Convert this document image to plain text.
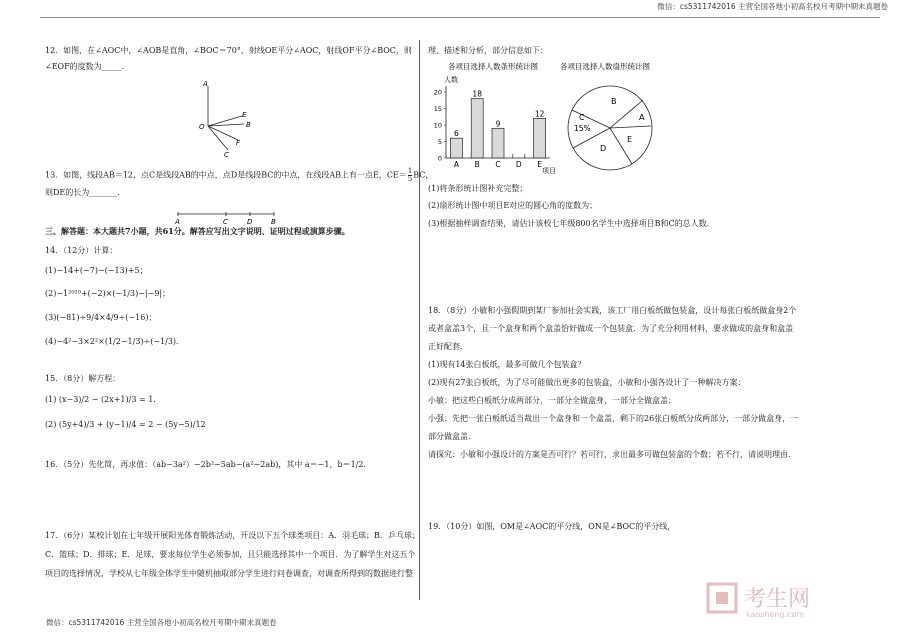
微信：cs5311742016 主营全国各地小初高名校月考期中期末真题卷
12．如图，在∠AOC中，∠AOB是直角，∠BOC＝70°，射线OE平分∠AOC，射线OF平分∠BOC，则
∠EOF的度数为_____．
A
O
E
B
F
C
13．如图，线段AB＝12，点C是线段AB的中点，点D是线段BC的中点，在线段AB上有一点E，$CE= \frac{1}{5}$ BC，
则DE的长为_______．
A	C	D	B
三、解答题：本大题共7小题，共61分。解答应写出文字说明、证明过程或演算步骤。
14．（12分）计算：
(1)−14+(−7)−(−13)+5；
(2)−1²⁰²⁰+(−2)×(−1/3)−|−9|；
(3)(−81)÷9/4×4/9÷(−16)；
(4)−4²−3×2²×(1/2−1/3)÷(−1/3)．
15．（8分）解方程：
(1) (x−3)/2 − (2x+1)/3 = 1．
(2) (5y+4)/3 + (y−1)/4 = 2 − (5y−5)/12
16．（5分）先化简，再求值：（ab−3a²）−2b²−5ab−(a²−2ab)，其中 a＝−1，b＝1/2．
17．（6分）某校计划在七年级开展阳光体育锻炼活动，开设以下五个球类项目：A．羽毛球；B．乒乓球；
C．篮球；D．排球；E．足球，要求每位学生必须参加，且只能选择其中一个项目．为了解学生对这五个
项目的选择情况，学校从七年级全体学生中随机抽取部分学生进行问卷调查，对调查所得到的数据进行整
微信：cs5311742016 主营全国各地小初高名校月考期中期末真题卷
理、描述和分析，部分信息如下：
各项目选择人数条形统计图
人数
0
5
10
15
20
6
18
9
12
A B C D E
项目
各项目选择人数扇形统计图
B
A
E
D
C
15%
(1)将条形统计图补充完整；
(2)扇形统计图中项目E对应的圆心角的度数为；
(3)根据抽样调查结果，请估计该校七年级800名学生中选择项目B和C的总人数．
18．（8分）小敏和小强假期到某厂参加社会实践，该工厂用白板纸做包装盒，设计每张白板纸做盒身2个
或者盒盖3个，且一个盒身和两个盒盖恰好做成一个包装盒．为了充分利用材料，要求做成的盒身和盒盖
正好配套．
(1)现有14张白板纸，最多可做几个包装盒？
(2)现有27张白板纸，为了尽可能做出更多的包装盒，小敏和小强各设计了一种解决方案：
小敏：把这些白板纸分成两部分，一部分全做盒身，一部分全做盒盖；
小强：先把一张白板纸适当裁出一个盒身和一个盒盖，剩下的26张白板纸分成两部分，一部分做盒身，一
部分做盒盖．
请探究：小敏和小强设计的方案是否可行？若可行，求出最多可做包装盒的个数；若不行，请说明理由．
19．（10分）如图，OM是∠AOC的平分线，ON是∠BOC的平分线，
考生网
kaosheng.com
